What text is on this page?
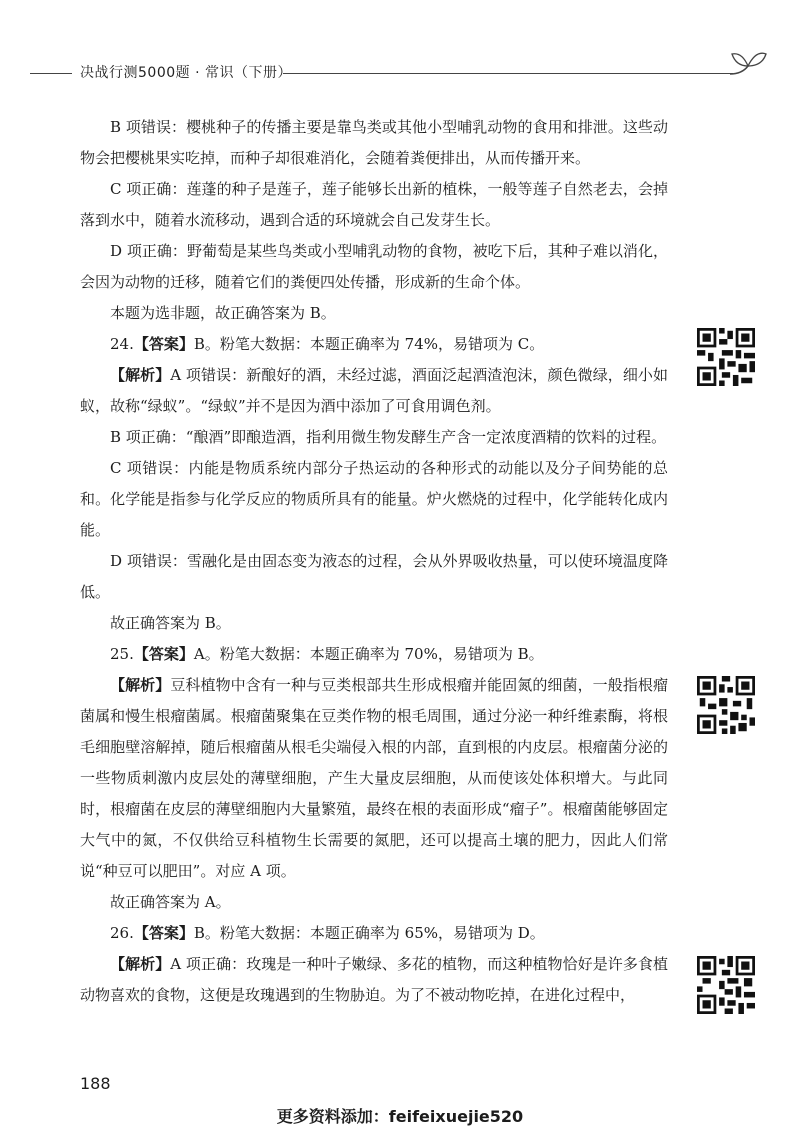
决战行测5000题 · 常识（下册）

B 项错误：樱桃种子的传播主要是靠鸟类或其他小型哺乳动物的食用和排泄。这些动物会把樱桃果实吃掉，而种子却很难消化，会随着粪便排出，从而传播开来。

C 项正确：莲蓬的种子是莲子，莲子能够长出新的植株，一般等莲子自然老去，会掉落到水中，随着水流移动，遇到合适的环境就会自己发芽生长。

D 项正确：野葡萄是某些鸟类或小型哺乳动物的食物，被吃下后，其种子难以消化，会因为动物的迁移，随着它们的粪便四处传播，形成新的生命个体。

本题为选非题，故正确答案为 B。

24.【答案】B。粉笔大数据：本题正确率为 74%，易错项为 C。

【解析】A 项错误：新酿好的酒，未经过滤，酒面泛起酒渣泡沫，颜色微绿，细小如蚁，故称“绿蚁”。“绿蚁”并不是因为酒中添加了可食用调色剂。

B 项正确：“酿酒”即酿造酒，指利用微生物发酵生产含一定浓度酒精的饮料的过程。

C 项错误：内能是物质系统内部分子热运动的各种形式的动能以及分子间势能的总和。化学能是指参与化学反应的物质所具有的能量。炉火燃烧的过程中，化学能转化成内能。

D 项错误：雪融化是由固态变为液态的过程，会从外界吸收热量，可以使环境温度降低。

故正确答案为 B。

25.【答案】A。粉笔大数据：本题正确率为 70%，易错项为 B。

【解析】豆科植物中含有一种与豆类根部共生形成根瘤并能固氮的细菌，一般指根瘤菌属和慢生根瘤菌属。根瘤菌聚集在豆类作物的根毛周围，通过分泌一种纤维素酶，将根毛细胞壁溶解掉，随后根瘤菌从根毛尖端侵入根的内部，直到根的内皮层。根瘤菌分泌的一些物质刺激内皮层处的薄壁细胞，产生大量皮层细胞，从而使该处体积增大。与此同时，根瘤菌在皮层的薄壁细胞内大量繁殖，最终在根的表面形成“瘤子”。根瘤菌能够固定大气中的氮，不仅供给豆科植物生长需要的氮肥，还可以提高土壤的肥力，因此人们常说“种豆可以肥田”。对应 A 项。

故正确答案为 A。

26.【答案】B。粉笔大数据：本题正确率为 65%，易错项为 D。

【解析】A 项正确：玫瑰是一种叶子嫩绿、多花的植物，而这种植物恰好是许多食植动物喜欢的食物，这便是玫瑰遇到的生物胁迫。为了不被动物吃掉，在进化过程中，

188
更多资料添加：feifeixuejie520
